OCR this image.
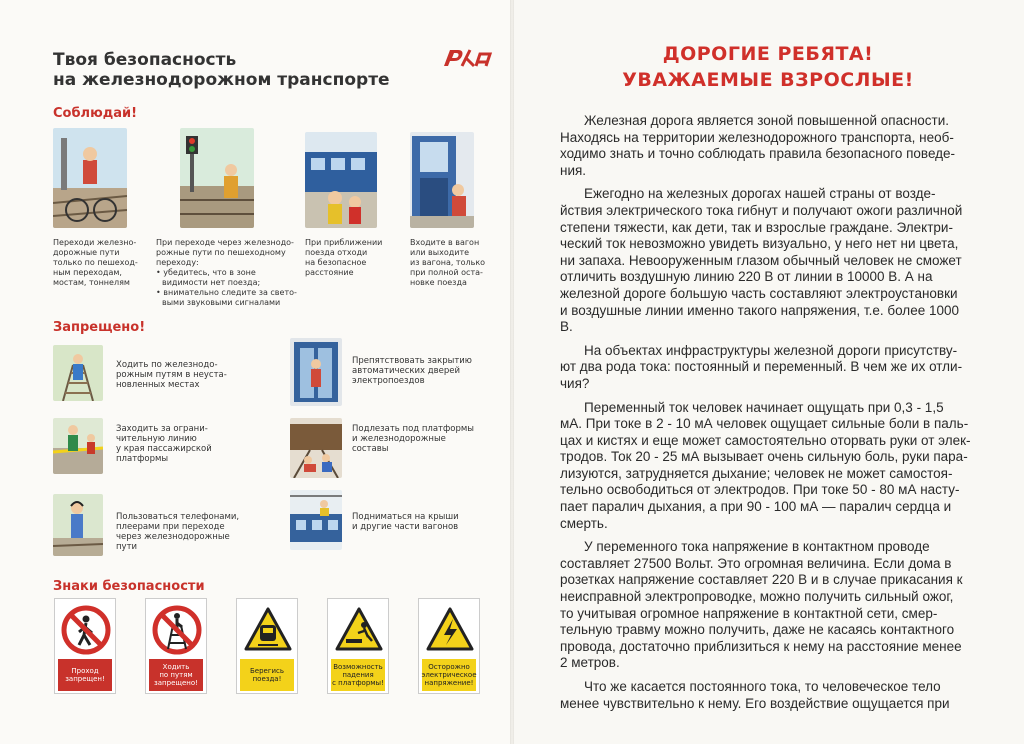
Твоя безопасность
на железнодорожном транспорте
Соблюдай!
Переходи железно-
дорожные пути
только по пешеход-
ным переходам,
мостам, тоннелям
При переходе через железнодо-
рожные пути по пешеходному
переходу:
• убедитесь, что в зоне
видимости нет поезда;
• внимательно следите за свето-
выми звуковыми сигналами
При приближении
поезда отходи
на безопасное
расстояние
Входите в вагон
или выходите
из вагона, только
при полной оста-
новке поезда
Запрещено!
Ходить по железнодо-
рожным путям в неуста-
новленных местах
Препятствовать закрытию
автоматических дверей
электропоездов
Заходить за ограни-
чительную линию
у края пассажирской
платформы
Подлезать под платформы
и железнодорожные
составы
Пользоваться телефонами,
плеерами при переходе
через железнодорожные
пути
Подниматься на крыши
и другие части вагонов
Знаки безопасности
Проход
запрещен!
Ходить
по путям
запрещено!
Берегись
поезда!
Возможность
падения
с платформы!
Осторожно
электрическое
напряжение!
ДОРОГИЕ РЕБЯТА!
УВАЖАЕМЫЕ ВЗРОСЛЫЕ!
Железная дорога является зоной повышенной опасности.
Находясь на территории железнодорожного транспорта, необ-
ходимо знать и точно соблюдать правила безопасного поведе-
ния.
Ежегодно на железных дорогах нашей страны от возде-
йствия электрического тока гибнут и получают ожоги различной
степени тяжести, как дети, так и взрослые граждане. Электри-
ческий ток невозможно увидеть визуально, у него нет ни цвета,
ни запаха. Невооруженным глазом обычный человек не сможет
отличить воздушную линию 220 В от линии в 10000 В. А на
железной дороге большую часть составляют электроустановки
и воздушные линии именно такого напряжения, т.е. более 1000
В.
На объектах инфраструктуры железной дороги присутству-
ют два рода тока: постоянный и переменный. В чем же их отли-
чия?
Переменный ток человек начинает ощущать при 0,3 - 1,5
мА. При токе в 2 - 10 мА человек ощущает сильные боли в паль-
цах и кистях и еще может самостоятельно оторвать руки от элек-
тродов. Ток 20 - 25 мА вызывает очень сильную боль, руки пара-
лизуются, затрудняется дыхание; человек не может самостоя-
тельно освободиться от электродов. При токе 50 - 80 мА насту-
пает паралич дыхания, а при 90 - 100 мА — паралич сердца и
смерть.
У переменного тока напряжение в контактном проводе
составляет 27500 Вольт. Это огромная величина. Если дома в
розетках напряжение составляет 220 В и в случае прикасания к
неисправной электропроводке, можно получить сильный ожог,
то учитывая огромное напряжение в контактной сети, смер-
тельную травму можно получить, даже не касаясь контактного
провода, достаточно приблизиться к нему на расстояние менее
2 метров.
Что же касается постоянного тока, то человеческое тело
менее чувствительно к нему. Его воздействие ощущается при
